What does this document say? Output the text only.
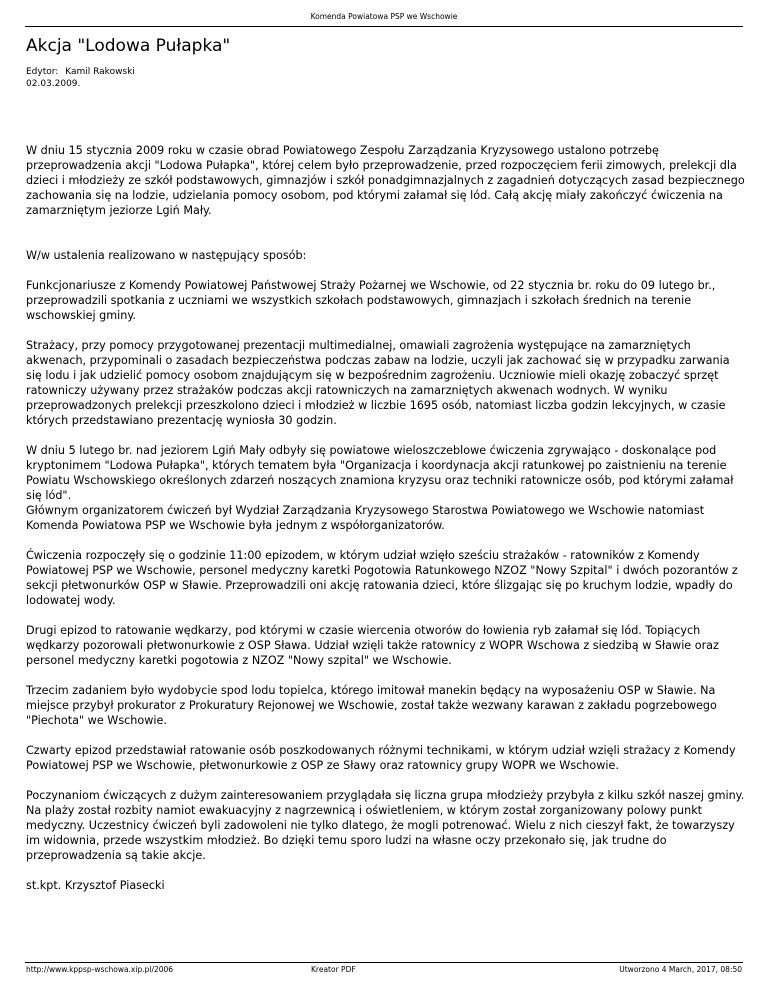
Komenda Powiatowa PSP we Wschowie
Akcja "Lodowa Pułapka"
Edytor: Kamil Rakowski
02.03.2009.

W dniu 15 stycznia 2009 roku w czasie obrad Powiatowego Zespołu Zarządzania Kryzysowego ustalono potrzebę przeprowadzenia akcji "Lodowa Pułapka", której celem było przeprowadzenie, przed rozpoczęciem ferii zimowych, prelekcji dla dzieci i młodzieży ze szkół podstawowych, gimnazjów i szkół ponadgimnazjalnych z zagadnień dotyczących zasad bezpiecznego zachowania się na lodzie, udzielania pomocy osobom, pod którymi załamał się lód. Całą akcję miały zakończyć ćwiczenia na zamarzniętym jeziorze Lgiń Mały.

W/w ustalenia realizowano w następujący sposób:

Funkcjonariusze z Komendy Powiatowej Państwowej Straży Pożarnej we Wschowie, od 22 stycznia br. roku do 09 lutego br., przeprowadzili spotkania z uczniami we wszystkich szkołach podstawowych, gimnazjach i szkołach średnich na terenie wschowskiej gminy.

Strażacy, przy pomocy przygotowanej prezentacji multimedialnej, omawiali zagrożenia występujące na zamarzniętych akwenach, przypominali o zasadach bezpieczeństwa podczas zabaw na lodzie, uczyli jak zachować się w przypadku zarwania się lodu i jak udzielić pomocy osobom znajdującym się w bezpośrednim zagrożeniu. Uczniowie mieli okazję zobaczyć sprzęt ratowniczy używany przez strażaków podczas akcji ratowniczych na zamarzniętych akwenach wodnych. W wyniku przeprowadzonych prelekcji przeszkolono dzieci i młodzież w liczbie 1695 osób, natomiast liczba godzin lekcyjnych, w czasie których przedstawiano prezentację wyniosła 30 godzin.

W dniu 5 lutego br. nad jeziorem Lgiń Mały odbyły się powiatowe wieloszczeblowe ćwiczenia zgrywająco - doskonalące pod kryptonimem "Lodowa Pułapka", których tematem była "Organizacja i koordynacja akcji ratunkowej po zaistnieniu na terenie Powiatu Wschowskiego określonych zdarzeń noszących znamiona kryzysu oraz techniki ratownicze osób, pod którymi załamał się lód".
Głównym organizatorem ćwiczeń był Wydział Zarządzania Kryzysowego Starostwa Powiatowego we Wschowie natomiast Komenda Powiatowa PSP we Wschowie była jednym z współorganizatorów.

Ćwiczenia rozpoczęły się o godzinie 11:00 epizodem, w którym udział wzięło sześciu strażaków - ratowników z Komendy Powiatowej PSP we Wschowie, personel medyczny karetki Pogotowia Ratunkowego NZOZ "Nowy Szpital" i dwóch pozorantów z sekcji płetwonurków OSP w Sławie. Przeprowadzili oni akcję ratowania dzieci, które ślizgając się po kruchym lodzie, wpadły do lodowatej wody.

Drugi epizod to ratowanie wędkarzy, pod którymi w czasie wiercenia otworów do łowienia ryb załamał się lód. Topiących wędkarzy pozorowali płetwonurkowie z OSP Sława. Udział wzięli także ratownicy z WOPR Wschowa z siedzibą w Sławie oraz personel medyczny karetki pogotowia z NZOZ "Nowy szpital" we Wschowie.

Trzecim zadaniem było wydobycie spod lodu topielca, którego imitował manekin będący na wyposażeniu OSP w Sławie. Na miejsce przybył prokurator z Prokuratury Rejonowej we Wschowie, został także wezwany karawan z zakładu pogrzebowego "Piechota" we Wschowie.

Czwarty epizod przedstawiał ratowanie osób poszkodowanych różnymi technikami, w którym udział wzięli strażacy z Komendy Powiatowej PSP we Wschowie, płetwonurkowie z OSP ze Sławy oraz ratownicy grupy WOPR we Wschowie.

Poczynaniom ćwiczących z dużym zainteresowaniem przyglądała się liczna grupa młodzieży przybyła z kilku szkół naszej gminy. Na plaży został rozbity namiot ewakuacyjny z nagrzewnicą i oświetleniem, w którym został zorganizowany polowy punkt medyczny. Uczestnicy ćwiczeń byli zadowoleni nie tylko dlatego, że mogli potrenować. Wielu z nich cieszył fakt, że towarzyszy im widownia, przede wszystkim młodzież. Bo dzięki temu sporo ludzi na własne oczy przekonało się, jak trudne do przeprowadzenia są takie akcje.

st.kpt. Krzysztof Piasecki
http://www.kppsp-wschowa.xip.pl/2006	Kreator PDF	Utworzono 4 March, 2017, 08:50
